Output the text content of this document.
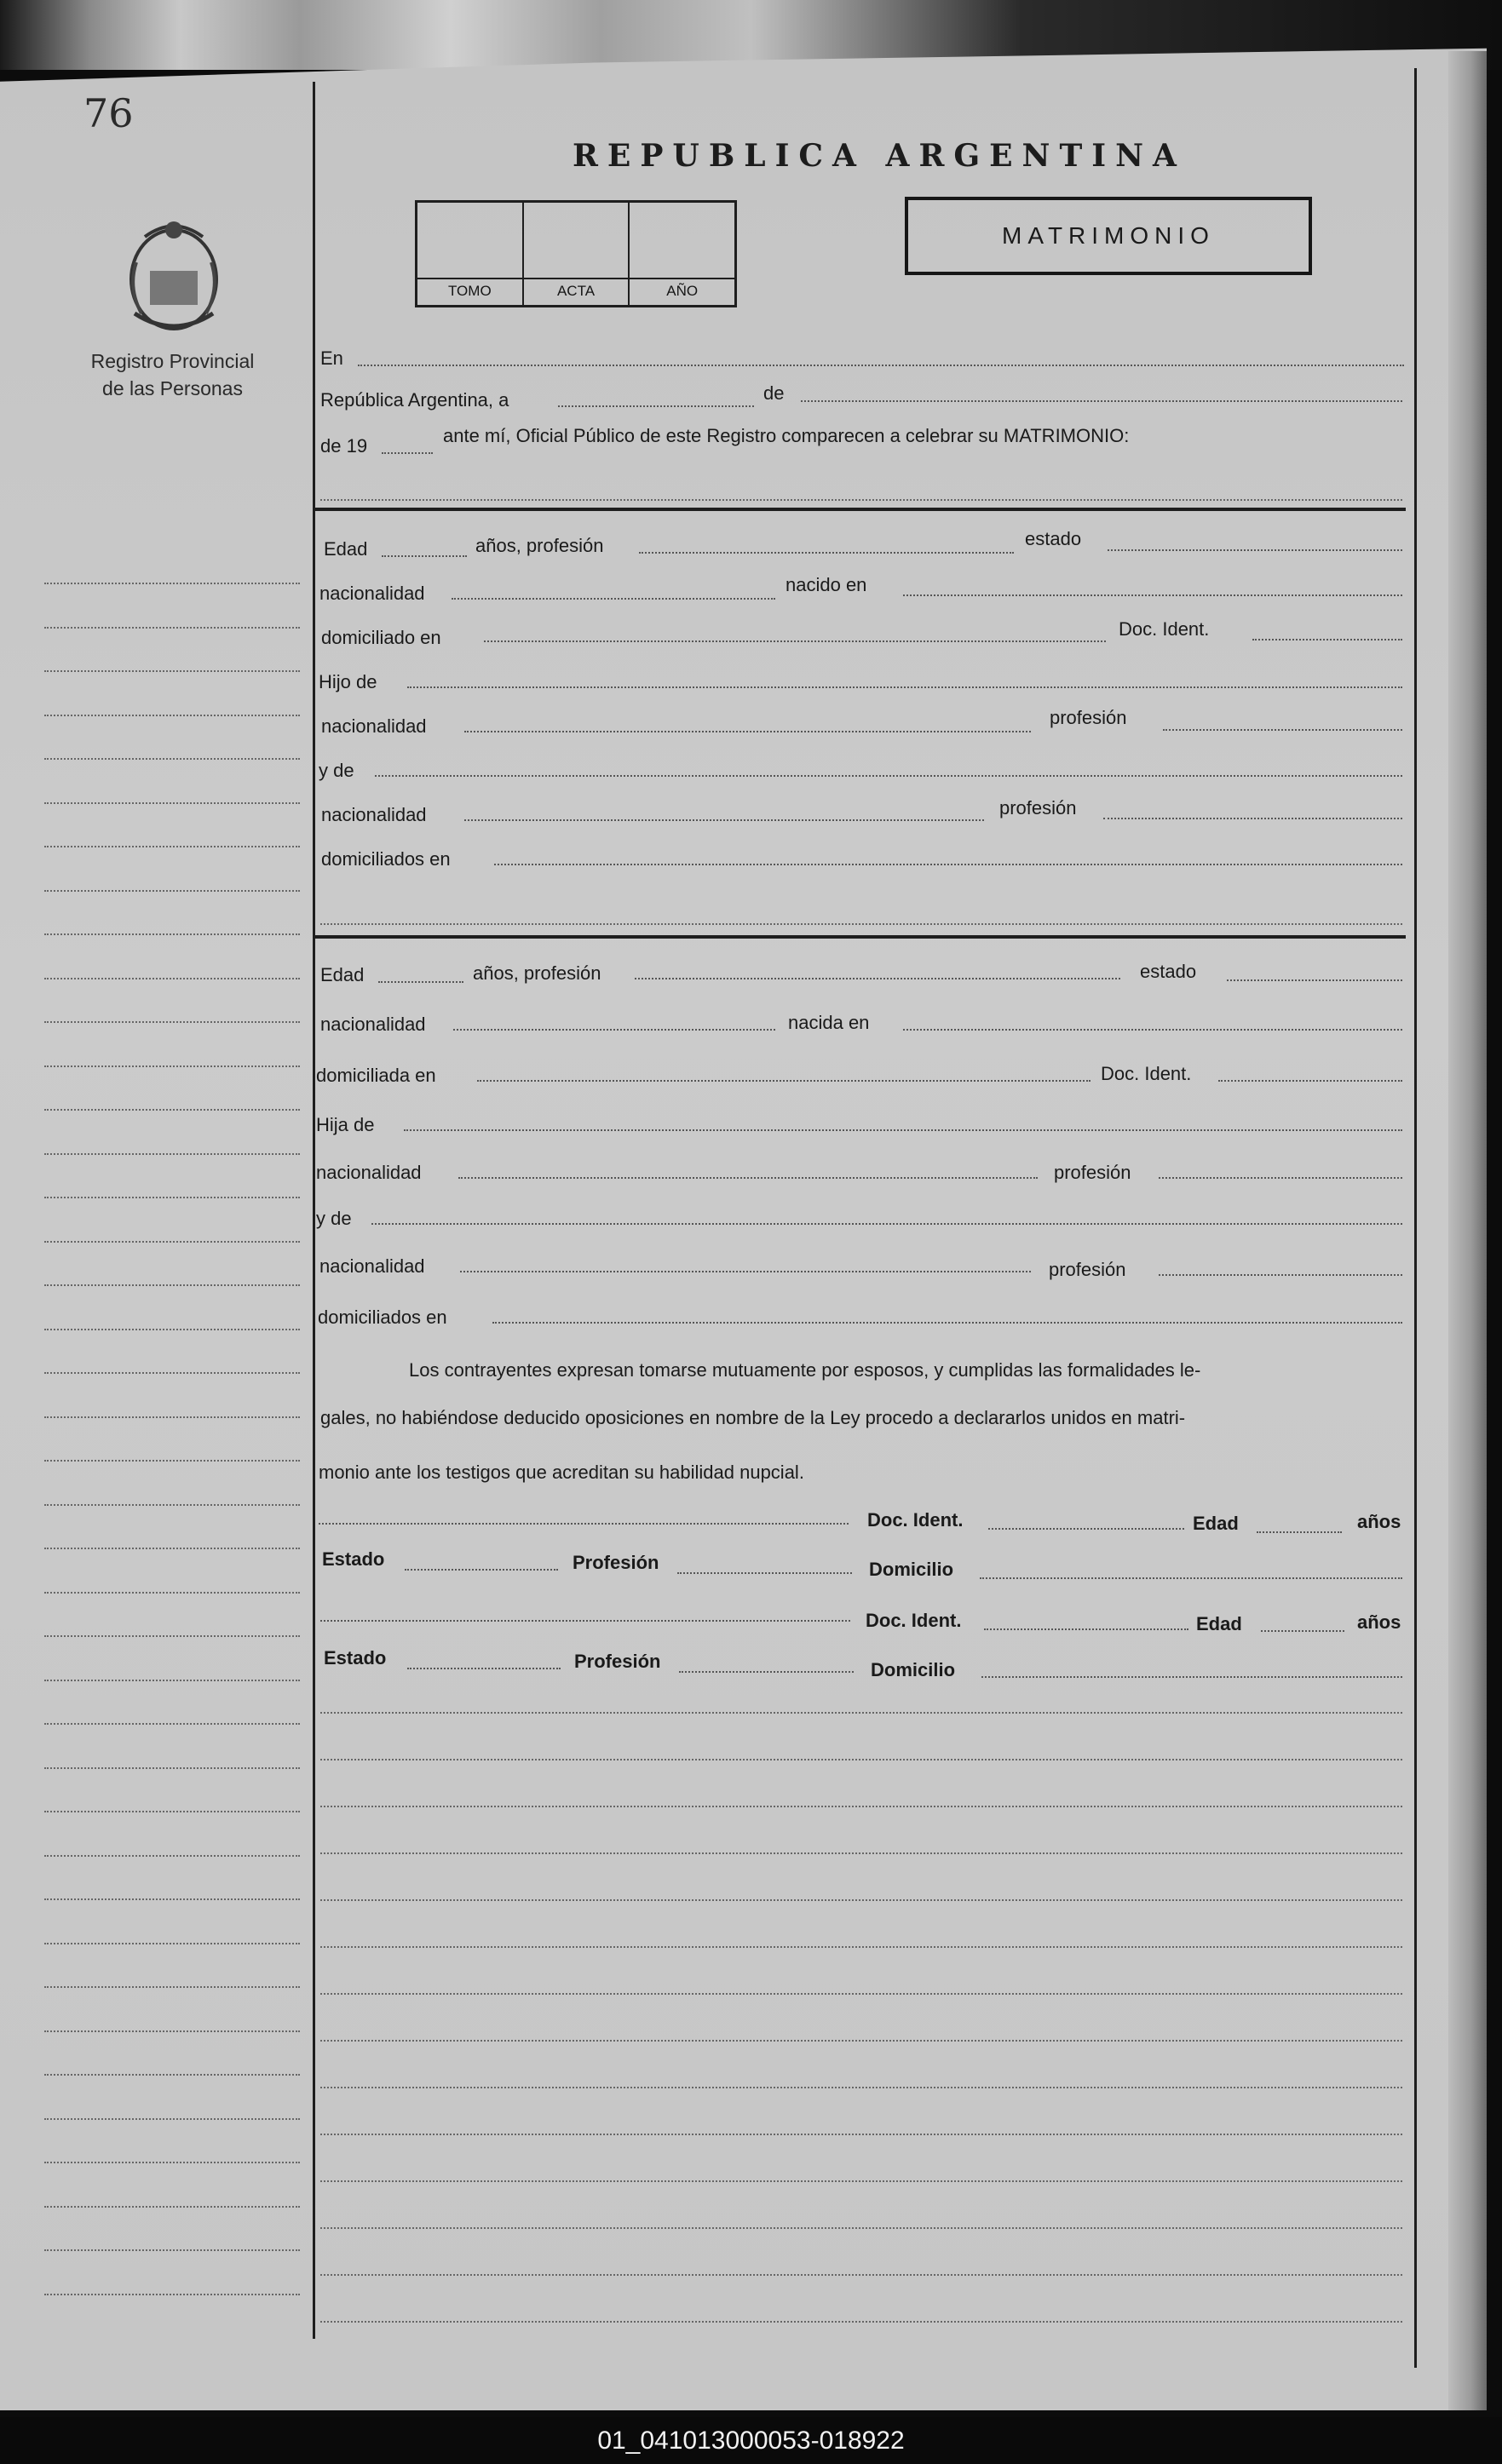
76
Registro Provincial
de las Personas
REPUBLICA ARGENTINA
TOMO	ACTA	AÑO
MATRIMONIO
En
República Argentina, a	de
de 19	ante mí, Oficial Público de este Registro comparecen a celebrar su MATRIMONIO:
Edad	años, profesión	estado
nacionalidad	nacido en
domiciliado en	Doc. Ident.
Hijo de
nacionalidad	profesión
y de
nacionalidad	profesión
domiciliados en
Edad	años, profesión	estado
nacionalidad	nacida en
domiciliada en	Doc. Ident.
Hija de
nacionalidad	profesión
y de
nacionalidad	profesión
domiciliados en
Los contrayentes expresan tomarse mutuamente por esposos, y cumplidas las formalidades le-
gales, no habiéndose deducido oposiciones en nombre de la Ley procedo a declararlos unidos en matri-
monio ante los testigos que acreditan su habilidad nupcial.
Doc. Ident.	Edad	años
Estado	Profesión	Domicilio
Doc. Ident.	Edad	años
Estado	Profesión	Domicilio
01_041013000053-018922
